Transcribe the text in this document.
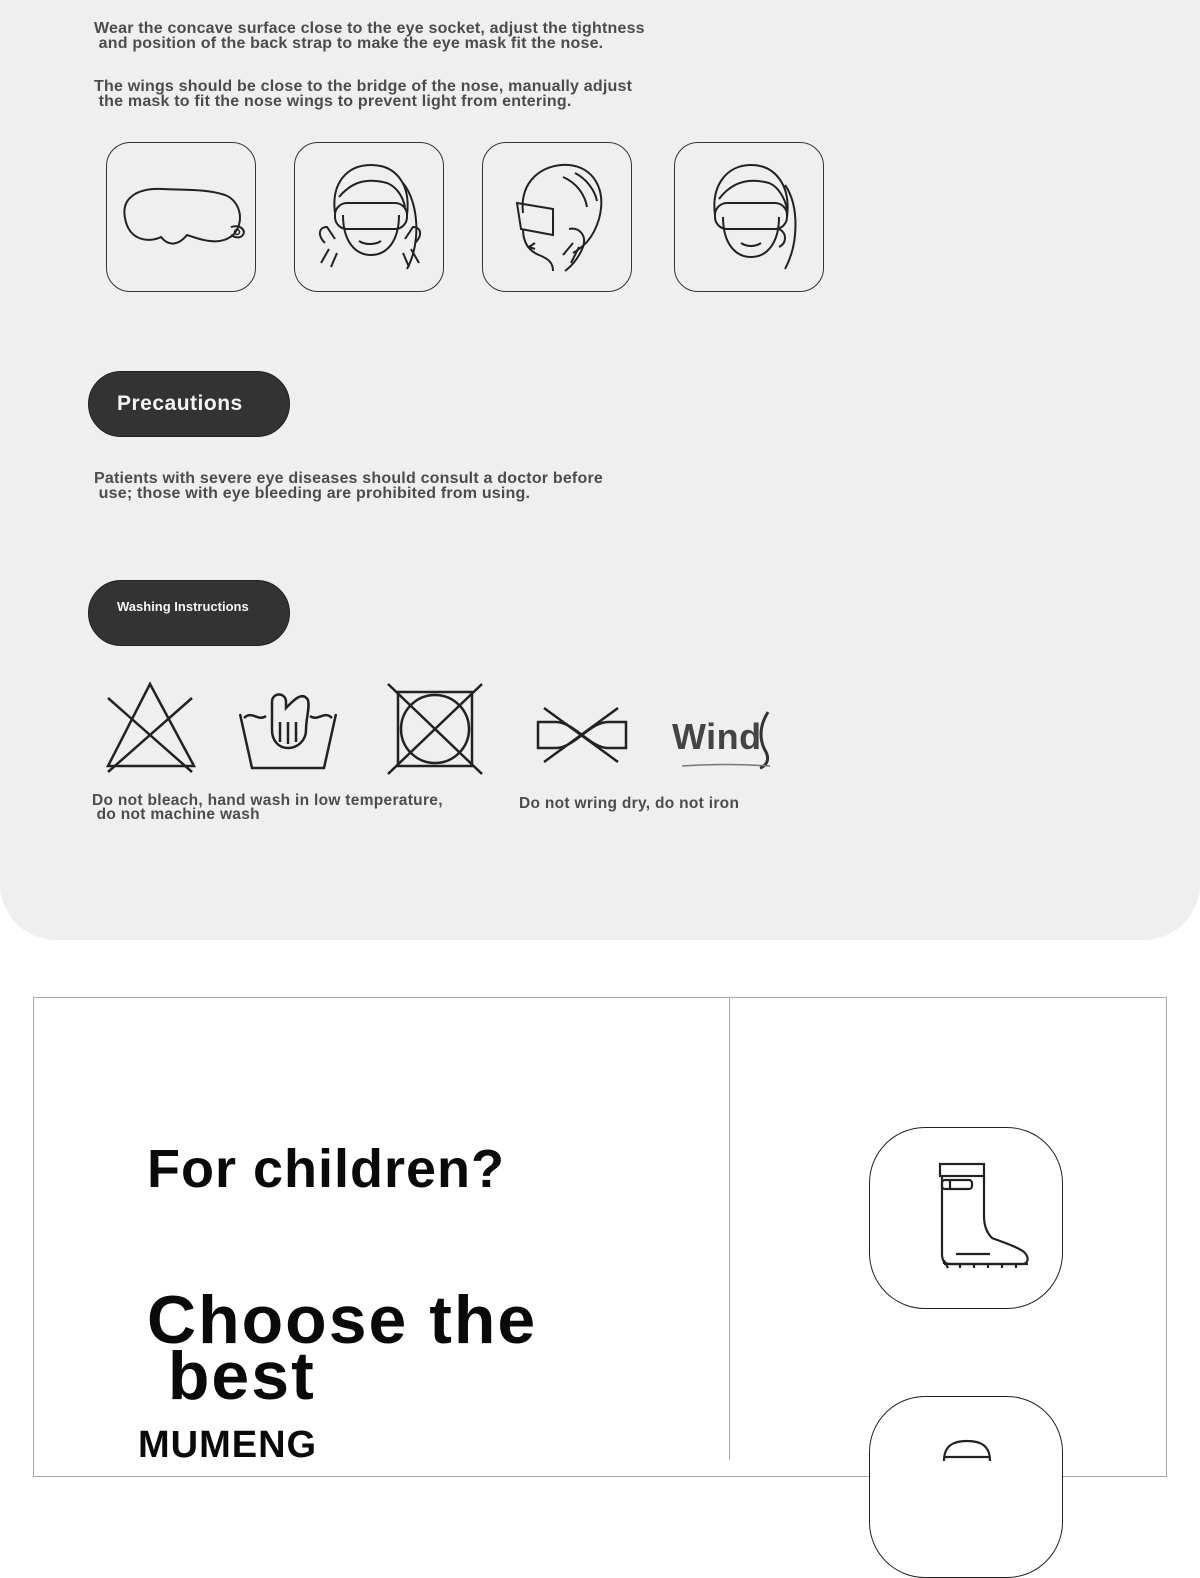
Wear the concave surface close to the eye socket, adjust the tightness
and position of the back strap to make the eye mask fit the nose.

The wings should be close to the bridge of the nose, manually adjust
the mask to fit the nose wings to prevent light from entering.

Precautions

Patients with severe eye diseases should consult a doctor before
use; those with eye bleeding are prohibited from using.

Washing Instructions
Wind

Do not bleach, hand wash in low temperature,
do not machine wash

Do not wring dry, do not iron

For children?
Choose the
best
MUMENG
